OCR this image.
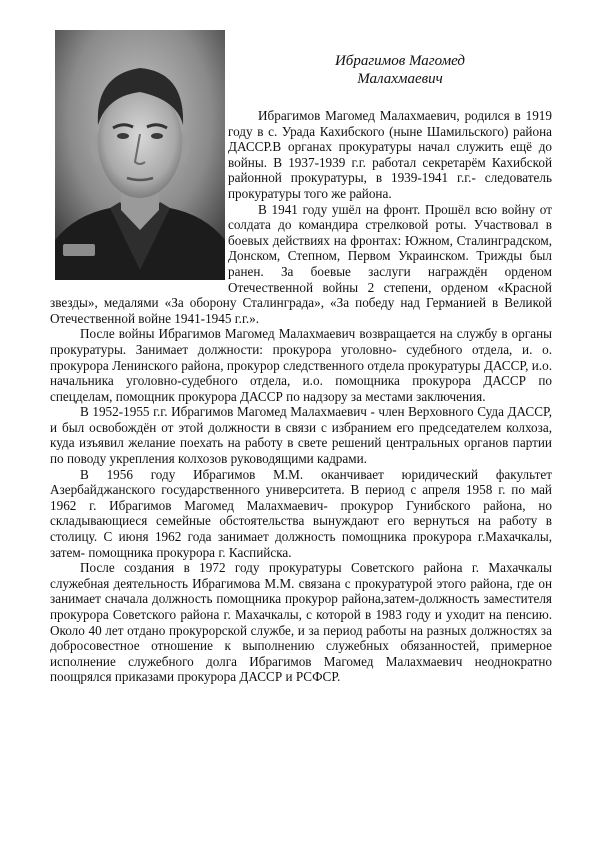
Ибрагимов Магомед
Малахмаевич

Ибрагимов Магомед Малахмаевич, родился в 1919 году в с. Урада Кахибского (ныне Шамильского) района ДАССР.В органах прокуратуры начал служить ещё до войны. В 1937-1939 г.г. работал секретарём Кахибской районной прокуратуры, в 1939-1941 г.г.- следователь прокуратуры того же района.

В 1941 году ушёл на фронт. Прошёл всю войну от солдата до командира стрелковой роты. Участвовал в боевых действиях на фронтах: Южном, Сталинградском, Донском, Степном, Первом Украинском. Трижды был ранен. За боевые заслуги награждён орденом Отечественной войны 2 степени, орденом «Красной звезды», медалями «За оборону Сталинграда», «За победу над Германией в Великой Отечественной войне 1941-1945 г.г.».

После войны Ибрагимов Магомед Малахмаевич возвращается на службу в органы прокуратуры. Занимает должности: прокурора уголовно- судебного отдела, и. о. прокурора Ленинского района, прокурор следственного отдела прокуратуры ДАССР, и.о. начальника уголовно-судебного отдела, и.о. помощника прокурора ДАССР по спецделам, помощник прокурора ДАССР по надзору за местами заключения.

В 1952-1955 г.г. Ибрагимов Магомед Малахмаевич - член Верховного Суда ДАССР, и был освобождён от этой должности в связи с избранием его председателем колхоза, куда изъявил желание поехать на работу в свете решений центральных органов партии по поводу укрепления колхозов руководящими кадрами.

В 1956 году Ибрагимов М.М. оканчивает юридический факультет Азербайджанского государственного университета. В период с апреля 1958 г. по май 1962 г. Ибрагимов Магомед Малахмаевич- прокурор Гунибского района, но складывающиеся семейные обстоятельства вынуждают его вернуться на работу в столицу. С июня 1962 года занимает должность помощника прокурора г.Махачкалы, затем- помощника прокурора г. Каспийска.

После создания в 1972 году прокуратуры Советского района г. Махачкалы служебная деятельность Ибрагимова М.М. связана с прокуратурой этого района, где он занимает сначала должность помощника прокурор района,затем-должность заместителя прокурора Советского района г. Махачкалы, с которой в 1983 году и уходит на пенсию. Около 40 лет отдано прокурорской службе, и за период работы на разных должностях за добросовестное отношение к выполнению служебных обязанностей, примерное исполнение служебного долга Ибрагимов Магомед Малахмаевич неоднократно поощрялся приказами прокурора ДАССР и РСФСР.
